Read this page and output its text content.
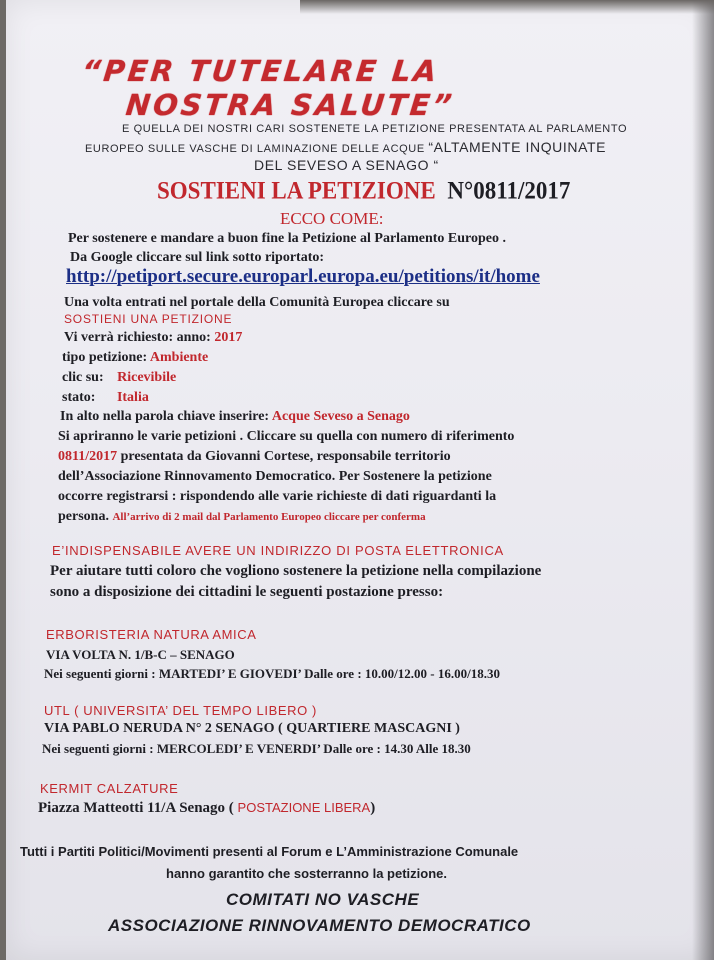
“PER TUTELARE LA

NOSTRA SALUTE”

E QUELLA DEI NOSTRI CARI SOSTENETE LA PETIZIONE PRESENTATA AL PARLAMENTO

EUROPEO SULLE VASCHE DI LAMINAZIONE DELLE ACQUE “ALTAMENTE INQUINATE

DEL SEVESO A SENAGO “

SOSTIENI LA PETIZIONE N°0811/2017

ECCO COME:

Per sostenere e mandare a buon fine la Petizione al Parlamento Europeo .

Da Google cliccare sul link sotto riportato:

http://petiport.secure.europarl.europa.eu/petitions/it/home

Una volta entrati nel portale della Comunità Europea cliccare su

SOSTIENI UNA PETIZIONE

Vi verrà richiesto: anno: 2017

tipo petizione: Ambiente

clic su: Ricevibile

stato: Italia

In alto nella parola chiave inserire: Acque Seveso a Senago

Si apriranno le varie petizioni . Cliccare su quella con numero di riferimento

0811/2017 presentata da Giovanni Cortese, responsabile territorio

dell’Associazione Rinnovamento Democratico. Per Sostenere la petizione

occorre registrarsi : rispondendo alle varie richieste di dati riguardanti la

persona. All’arrivo di 2 mail dal Parlamento Europeo cliccare per conferma

E’INDISPENSABILE AVERE UN INDIRIZZO DI POSTA ELETTRONICA

Per aiutare tutti coloro che vogliono sostenere la petizione nella compilazione

sono a disposizione dei cittadini le seguenti postazione presso:

ERBORISTERIA NATURA AMICA

VIA VOLTA N. 1/B-C – SENAGO

Nei seguenti giorni : MARTEDI’ E GIOVEDI’ Dalle ore : 10.00/12.00 - 16.00/18.30

UTL ( UNIVERSITA’ DEL TEMPO LIBERO )

VIA PABLO NERUDA N° 2 SENAGO ( QUARTIERE MASCAGNI )

Nei seguenti giorni : MERCOLEDI’ E VENERDI’ Dalle ore : 14.30 Alle 18.30

KERMIT CALZATURE

Piazza Matteotti 11/A Senago ( POSTAZIONE LIBERA)

Tutti i Partiti Politici/Movimenti presenti al Forum e L’Amministrazione Comunale

hanno garantito che sosterranno la petizione.

COMITATI NO VASCHE

ASSOCIAZIONE RINNOVAMENTO DEMOCRATICO
